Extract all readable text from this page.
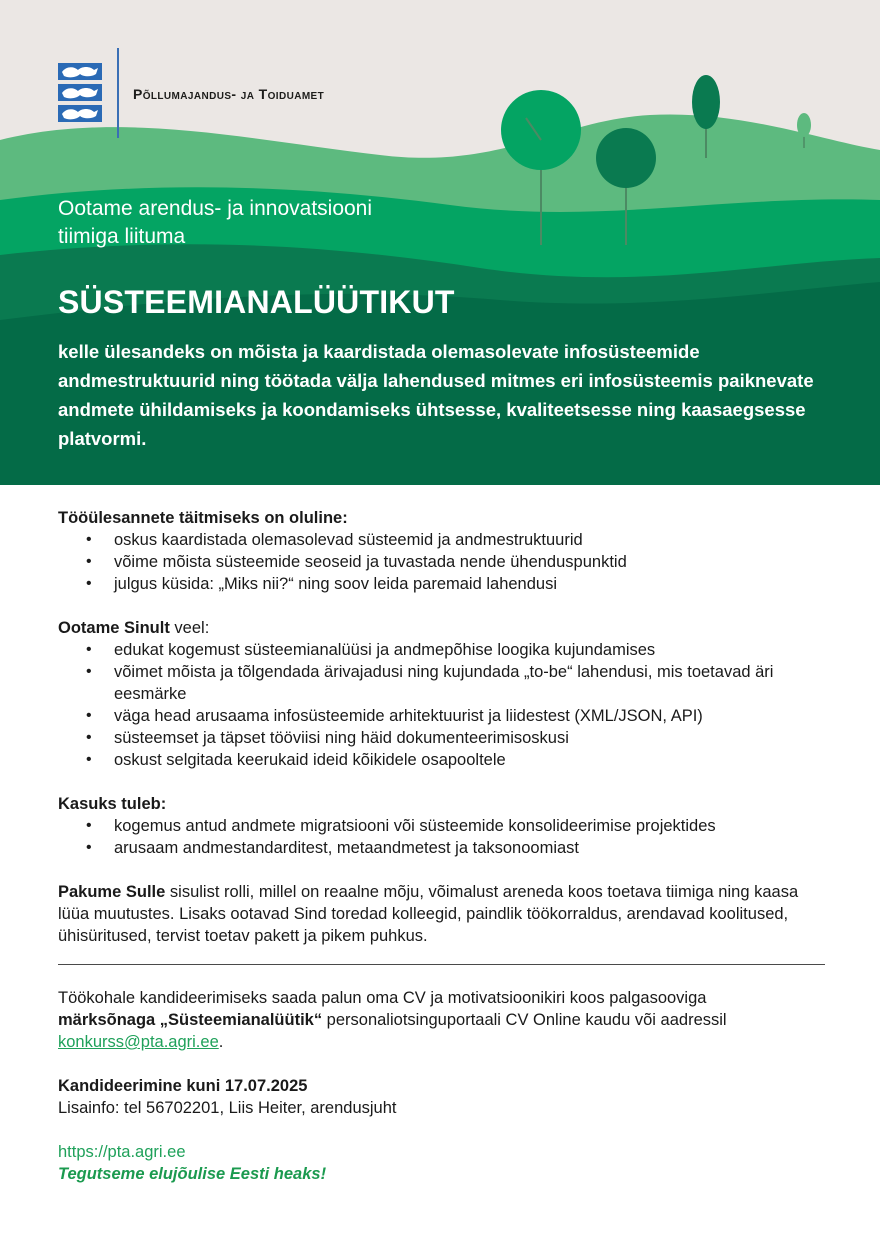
Põllumajandus- ja Toiduamet
Ootame arendus- ja innovatsiooni
tiimiga liituma
SÜSTEEMIANALÜÜTIKUT
kelle ülesandeks on mõista ja kaardistada olemasolevate infosüsteemide andmestruktuurid ning töötada välja lahendused mitmes eri infosüsteemis paiknevate andmete ühildamiseks ja koondamiseks ühtsesse, kvaliteetsesse ning kaasaegsesse platvormi.
Tööülesannete täitmiseks on oluline:
• oskus kaardistada olemasolevad süsteemid ja andmestruktuurid
• võime mõista süsteemide seoseid ja tuvastada nende ühenduspunktid
• julgus küsida: „Miks nii?“ ning soov leida paremaid lahendusi
Ootame Sinult veel:
• edukat kogemust süsteemianalüüsi ja andmepõhise loogika kujundamises
• võimet mõista ja tõlgendada ärivajadusi ning kujundada „to-be“ lahendusi, mis toetavad äri eesmärke
• väga head arusaama infosüsteemide arhitektuurist ja liidestest (XML/JSON, API)
• süsteemset ja täpset tööviisi ning häid dokumenteerimisoskusi
• oskust selgitada keerukaid ideid kõikidele osapooltele
Kasuks tuleb:
• kogemus antud andmete migratsiooni või süsteemide konsolideerimise projektides
• arusaam andmestandarditest, metaandmetest ja taksonoomiast

Pakume Sulle sisulist rolli, millel on reaalne mõju, võimalust areneda koos toetava tiimiga ning kaasa lüüa muutustes. Lisaks ootavad Sind toredad kolleegid, paindlik töökorraldus, arendavad koolitused, ühisüritused, tervist toetav pakett ja pikem puhkus.

Töökohale kandideerimiseks saada palun oma CV ja motivatsioonikiri koos palgasooviga
märksõnaga „Süsteemianalüütik“ personaliotsinguportaali CV Online kaudu või aadressil
konkurss@pta.agri.ee.

Kandideerimine kuni 17.07.2025
Lisainfo: tel 56702201, Liis Heiter, arendusjuht

https://pta.agri.ee
Tegutseme elujõulise Eesti heaks!
